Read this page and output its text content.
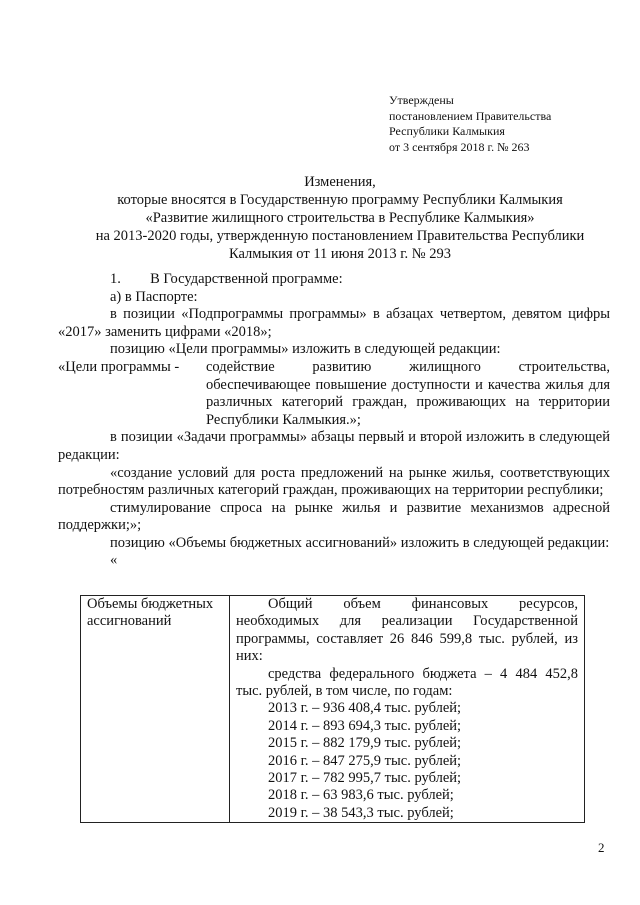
Утверждены
постановлением Правительства
Республики Калмыкия
от 3 сентября 2018 г. № 263
Изменения,
которые вносятся в Государственную программу Республики Калмыкия
«Развитие жилищного строительства в Республике Калмыкия»
на 2013-2020 годы, утвержденную постановлением Правительства Республики
Калмыкия от 11 июня 2013 г. № 293

1. В Государственной программе:

а) в Паспорте:

в позиции «Подпрограммы программы» в абзацах четвертом, девятом цифры «2017» заменить цифрами «2018»;

позицию «Цели программы» изложить в следующей редакции:

«Цели программы -	содействие развитию жилищного строительства, обеспечивающее повышение доступности и качества жилья для различных категорий граждан, проживающих на территории Республики Калмыкия.»;

в позиции «Задачи программы» абзацы первый и второй изложить в следующей редакции:

«создание условий для роста предложений на рынке жилья, соответствующих потребностям различных категорий граждан, проживающих на территории республики;

стимулирование спроса на рынке жилья и развитие механизмов адресной поддержки;»;

позицию «Объемы бюджетных ассигнований» изложить в следующей редакции:

«

Объемы бюджетных ассигнований	
Общий объем финансовых ресурсов, необходимых для реализации Государственной программы, составляет 26 846 599,8 тыс. рублей, из них:
средства федерального бюджета – 4 484 452,8 тыс. рублей, в том числе, по годам:
2013 г. – 936 408,4 тыс. рублей;
2014 г. – 893 694,3 тыс. рублей;
2015 г. – 882 179,9 тыс. рублей;
2016 г. – 847 275,9 тыс. рублей;
2017 г. – 782 995,7 тыс. рублей;
2018 г. – 63 983,6 тыс. рублей;
2019 г. – 38 543,3 тыс. рублей;
2
